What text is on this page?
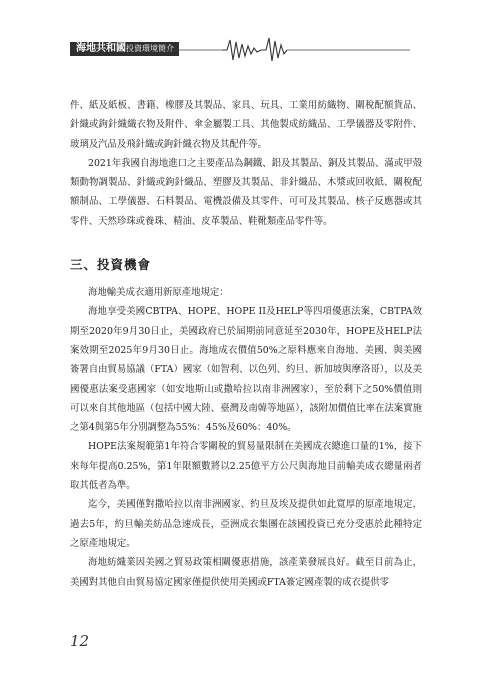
海地共和國投資環境簡介

件、紙及紙板、書籍、橡膠及其製品、家具、玩具、工業用紡織物、關稅配額貨品、針織或鉤針織織衣物及附件、傘金屬製工具、其他製成紡織品、工學儀器及零附件、玻璃及汽品及飛針織或鉤針織衣物及其配件等。

2021年我國自海地進口之主要產品為鋼鐵、鋁及其製品、銅及其製品、滿或甲殼類動物調製品、針織或鉤針織品、塑膠及其製品、非針織品、木漿或回收紙、關稅配額制品、工學儀器、石料製品、電機設備及其零件、可可及其製品、核子反應器或其零件、天然珍珠或養珠、精油、皮革製品、鞋靴類產品零件等。

三、投資機會

海地輸美成衣適用新原產地規定：

海地享受美國CBTPA、HOPE、HOPE II及HELP等四項優惠法案，CBTPA效期至2020年9月30日止，美國政府已於屆期前同意延至2030年，HOPE及HELP法案效期至2025年9月30日止。海地成衣價值50%之原料應來自海地、美國、與美國簽署自由貿易協議（FTA）國家（如智利、以色列、約旦、新加坡與摩洛哥），以及美國優惠法案受惠國家（如安地斯山或撒哈拉以南非洲國家），至於剩下之50%價值則可以來自其他地區（包括中國大陸、臺灣及南韓等地區），該附加價值比率在法案實施之第4與第5年分別調整為55%：45%及60%：40%。

HOPE法案規範第1年符合零關稅的貿易量限制在美國成衣總進口量的1%，接下來每年提高0.25%，第1年限額數將以2.25億平方公尺與海地目前輸美成衣總量兩者取其低者為準。

迄今，美國僅對撒哈拉以南非洲國家、約旦及埃及提供如此寬厚的原產地規定，過去5年，約旦輸美紡品急速成長，亞洲成衣集團在該國投資已充分受惠於此種特定之原產地規定。

海地紡織業因美國之貿易政策相關優惠措施，該產業發展良好。截至目前為止，美國對其他自由貿易協定國家僅提供使用美國或FTA簽定國產製的成衣提供零

12
